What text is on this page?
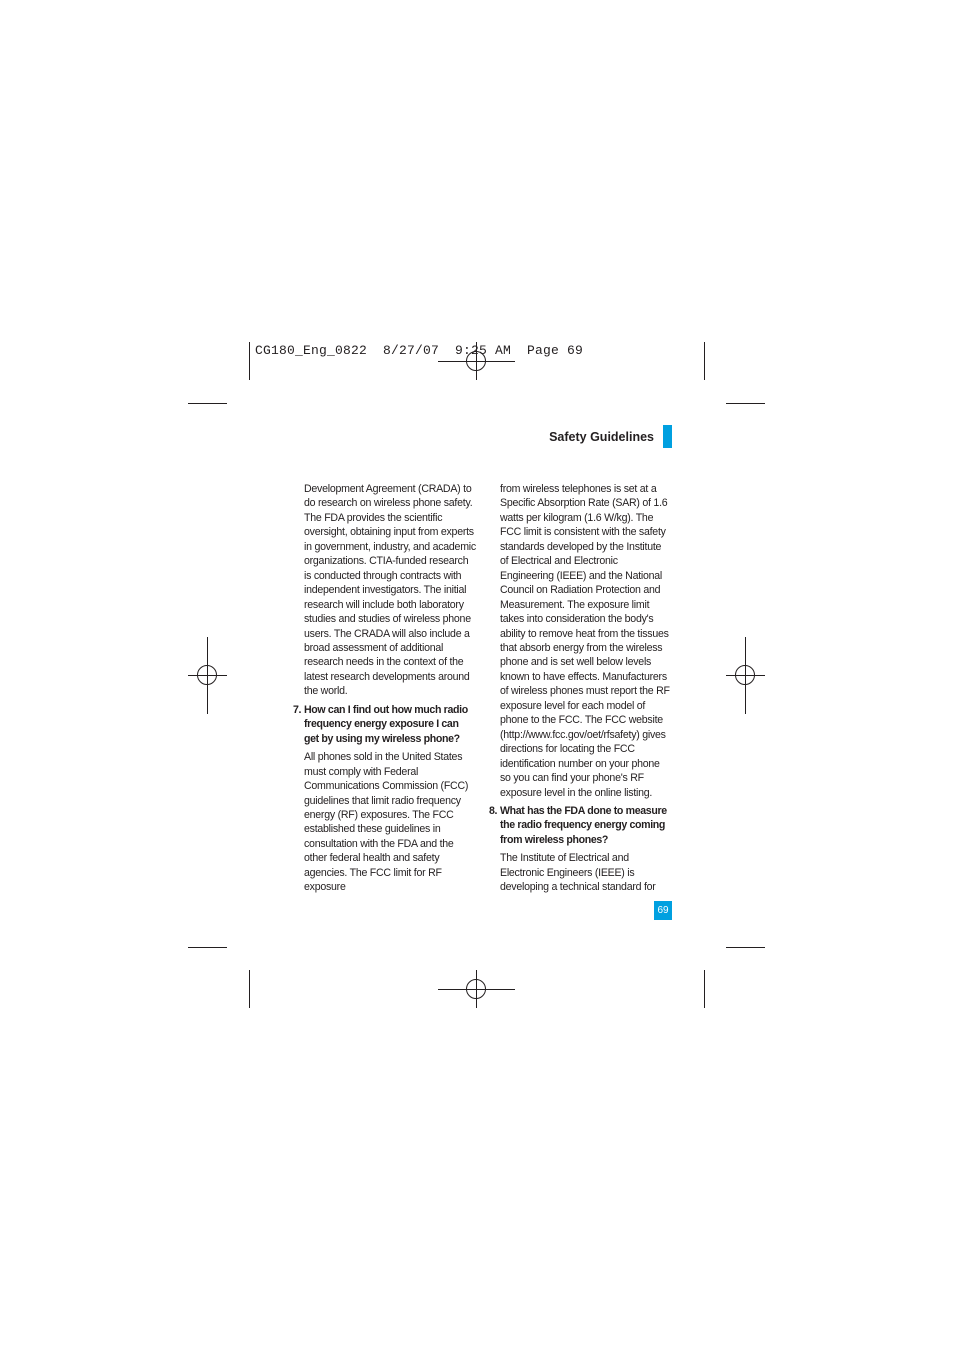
CG180_Eng_0822  8/27/07  9:25 AM  Page 69
Safety Guidelines

Development Agreement (CRADA) to do research on wireless phone safety. The FDA provides the scientific oversight, obtaining input from experts in government, industry, and academic organizations. CTIA-funded research is conducted through contracts with independent investigators. The initial research will include both laboratory studies and studies of wireless phone users. The CRADA will also include a broad assessment of additional research needs in the context of the latest research developments around the world.

7. How can I find out how much radio frequency energy exposure I can get by using my wireless phone?

All phones sold in the United States must comply with Federal Communications Commission (FCC) guidelines that limit radio frequency energy (RF) exposures. The FCC established these guidelines in consultation with the FDA and the other federal health and safety agencies. The FCC limit for RF exposure

from wireless telephones is set at a Specific Absorption Rate (SAR) of 1.6 watts per kilogram (1.6 W/kg). The FCC limit is consistent with the safety standards developed by the Institute of Electrical and Electronic Engineering (IEEE) and the National Council on Radiation Protection and Measurement. The exposure limit takes into consideration the body's ability to remove heat from the tissues that absorb energy from the wireless phone and is set well below levels known to have effects. Manufacturers of wireless phones must report the RF exposure level for each model of phone to the FCC. The FCC website (http://www.fcc.gov/oet/rfsafety) gives directions for locating the FCC identification number on your phone so you can find your phone's RF exposure level in the online listing.

8. What has the FDA done to measure the radio frequency energy coming from wireless phones?

The Institute of Electrical and Electronic Engineers (IEEE) is developing a technical standard for

69
